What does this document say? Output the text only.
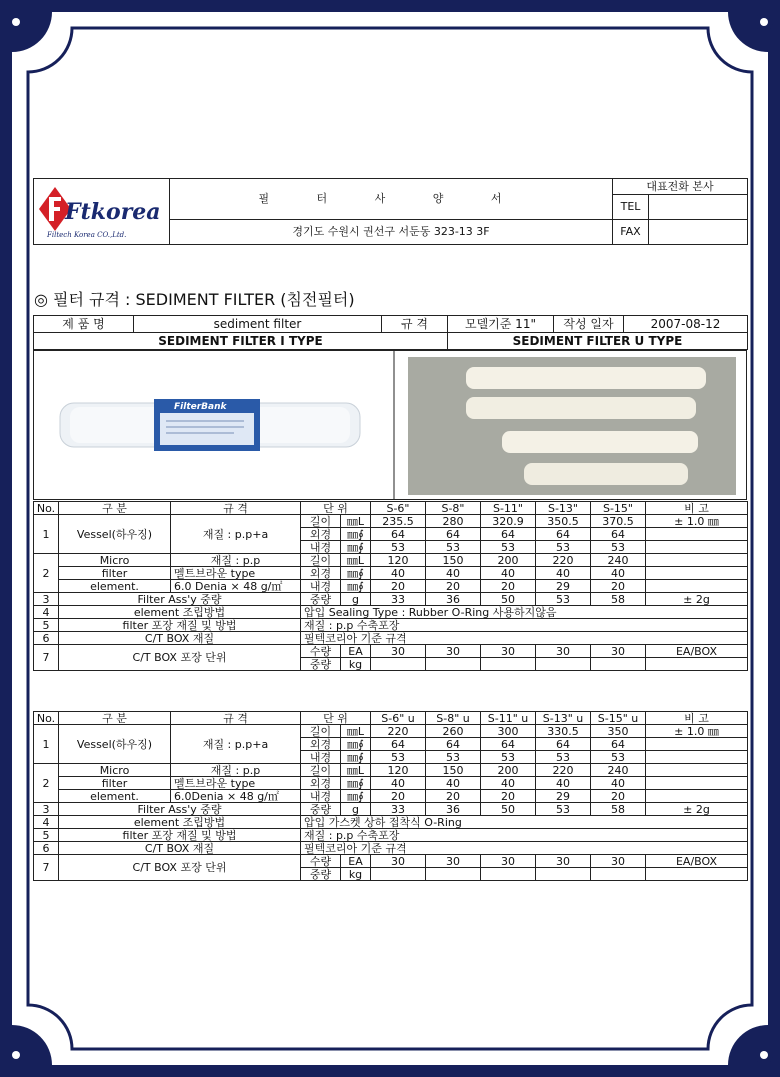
Ftkorea
Filtech Korea CO.,Ltd.	필 터 사 양 서	대표전화 본사	
		TEL	
	경기도 수원시 권선구 서둔동 323-13 3F	FAX	
◎ 필터 규격 : SEDIMENT FILTER (침전필터)
제 품 명	sediment filter	규 격	모델기준 11"	작성 일자	2007-08-12
SEDIMENT FILTER I TYPE			SEDIMENT FILTER U TYPE		
FilterBank
No.	구 분	규 격	단 위		S-6"	S-8"	S-11"	S-13"	S-15"	비 고
1	Vessel(하우징)	재질 : p.p+a	길이	㎜L	235.5	280	320.9	350.5	370.5	± 1.0 ㎜
			외경	㎜∮	64	64	64	64	64	
			내경	㎜∮	53	53	53	53	53	
2	Micro	재질 : p.p	길이	㎜L	120	150	200	220	240	
	filter	멜트브라운 type	외경	㎜∮	40	40	40	40	40	
	element.	6.0 Denia × 48 g/㎡	내경	㎜∮	20	20	20	29	20	
3	Filter Ass'y 중량		중량	g	33	36	50	53	58	± 2g
4	element 조립방법		압입 Sealing Type : Rubber O-Ring 사용하지않음							
5	filter 포장 재질 및 방법		재질 : p.p 수축포장							
6	C/T BOX 재질		필텍코리아 기준 규격							
7	C/T BOX 포장 단위		수량	EA	30	30	30	30	30	EA/BOX
			중량	kg						
No.	구 분	규 격	단 위		S-6" u	S-8" u	S-11" u	S-13" u	S-15" u	비 고
1	Vessel(하우징)	재질 : p.p+a	길이	㎜L	220	260	300	330.5	350	± 1.0 ㎜
			외경	㎜∮	64	64	64	64	64	
			내경	㎜∮	53	53	53	53	53	
2	Micro	재질 : p.p	길이	㎜L	120	150	200	220	240	
	filter	멜트브라운 type	외경	㎜∮	40	40	40	40	40	
	element.	6.0Denia × 48 g/㎡	내경	㎜∮	20	20	20	29	20	
3	Filter Ass'y 중량		중량	g	33	36	50	53	58	± 2g
4	element 조립방법		압입 가스켓 상하 접착식 O-Ring							
5	filter 포장 재질 및 방법		재질 : p.p 수축포장							
6	C/T BOX 재질		필텍코리아 기준 규격							
7	C/T BOX 포장 단위		수량	EA	30	30	30	30	30	EA/BOX
			중량	kg						
